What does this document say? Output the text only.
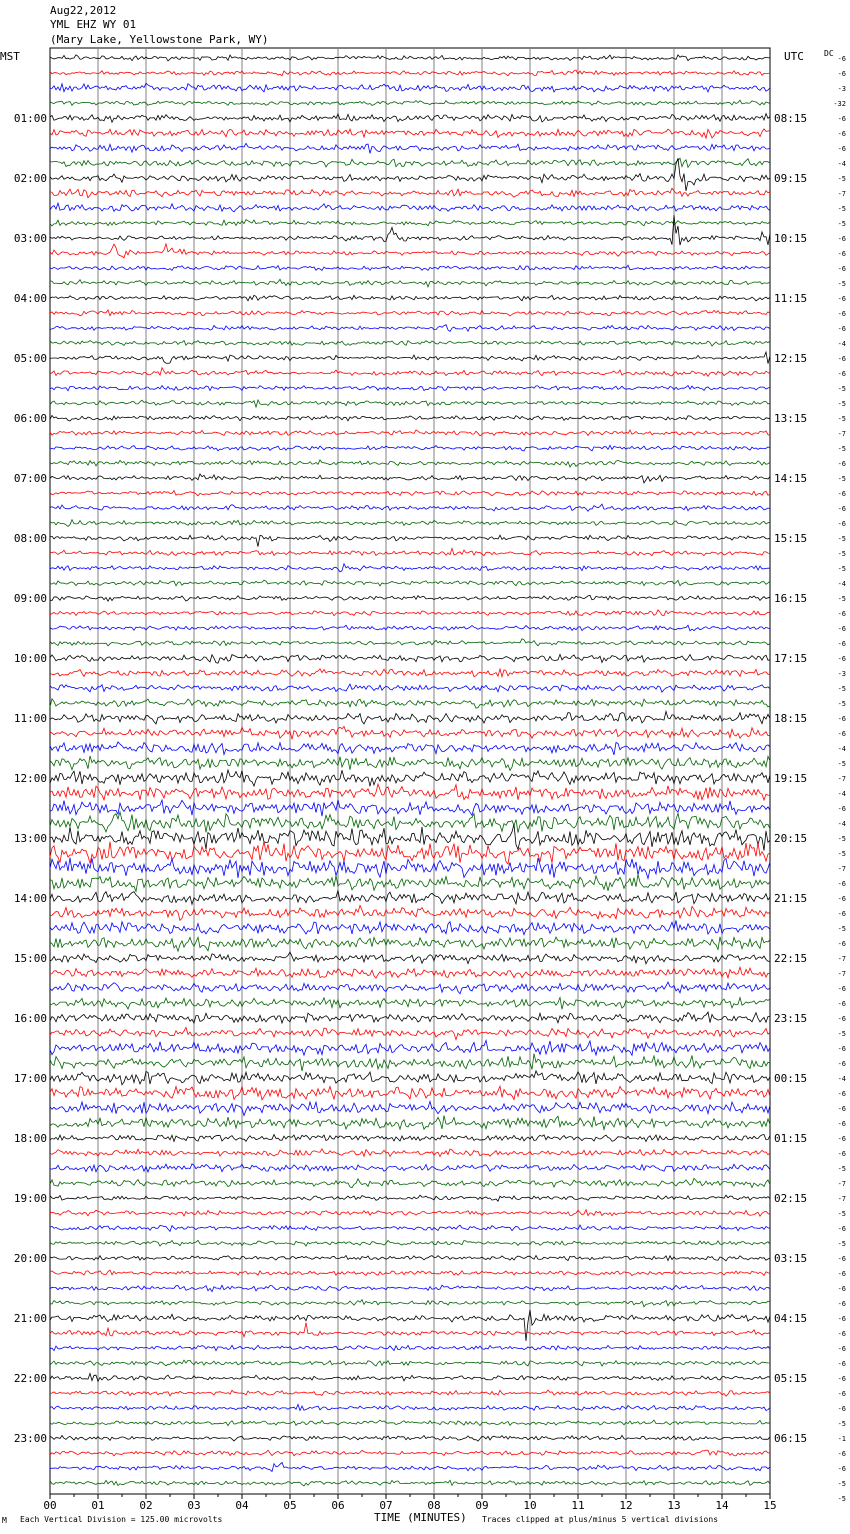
Aug22,2012
YML EHZ WY 01
(Mary Lake, Yellowstone Park, WY)
MST	UTC	DC
00	01	02	03	04	05	06	07	08	09	10	11	12	13	14	15
01:00
02:00
03:00
04:00
05:00
06:00
07:00
08:00
09:00
10:00
11:00
12:00
13:00
14:00
15:00
16:00
17:00
18:00
19:00
20:00
21:00
22:00
23:00
08:15
09:15
10:15
11:15
12:15
13:15
14:15
15:15
16:15
17:15
18:15
19:15
20:15
21:15
22:15
23:15
00:15
01:15
02:15
03:15
04:15
05:15
06:15
-6
-6
-3
-32
-6
-6
-6
-4
-5
-7
-5
-5
-6
-6
-6
-5
-6
-6
-6
-4
-6
-6
-5
-5
-5
-7
-5
-6
-5
-6
-6
-6
-5
-5
-5
-4
-5
-6
-6
-6
-6
-3
-5
-5
-6
-6
-4
-5
-7
-4
-6
-4
-5
-5
-7
-6
-6
-6
-5
-6
-7
-7
-6
-6
-6
-5
-6
-6
-4
-6
-6
-6
-6
-6
-5
-7
-7
-5
-6
-5
-6
-6
-6
-6
-6
-6
-6
-6
-6
-6
-6
-5
-1
-6
-6
-5
-5
M Each Vertical Division = 125.00 microvolts	TIME (MINUTES) Traces clipped at plus/minus 5 vertical divisions
